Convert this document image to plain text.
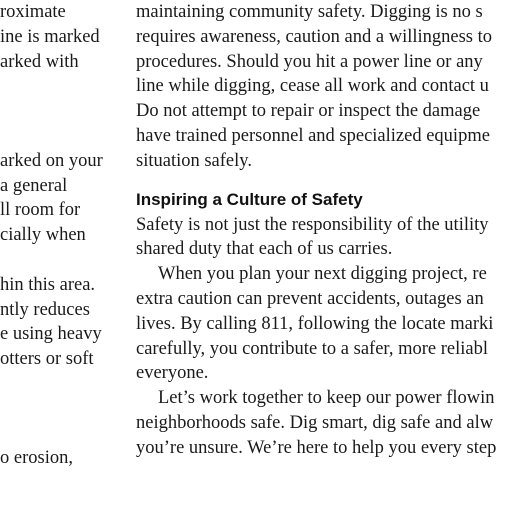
roximate
ine is marked
arked with
arked on your
a general
ll room for
cially when
hin this area.
ntly reduces
e using heavy
otters or soft
o erosion,
maintaining community safety. Digging is no s
requires awareness, caution and a willingness to
procedures. Should you hit a power line or any
line while digging, cease all work and contact u
Do not attempt to repair or inspect the damage
have trained personnel and specialized equipme
situation safely.
Inspiring a Culture of Safety
Safety is not just the responsibility of the utility
shared duty that each of us carries.
When you plan your next digging project, re
extra caution can prevent accidents, outages an
lives. By calling 811, following the locate marki
carefully, you contribute to a safer, more reliabl
everyone.
Let’s work together to keep our power flowin
neighborhoods safe. Dig smart, dig safe and alw
you’re unsure. We’re here to help you every step
